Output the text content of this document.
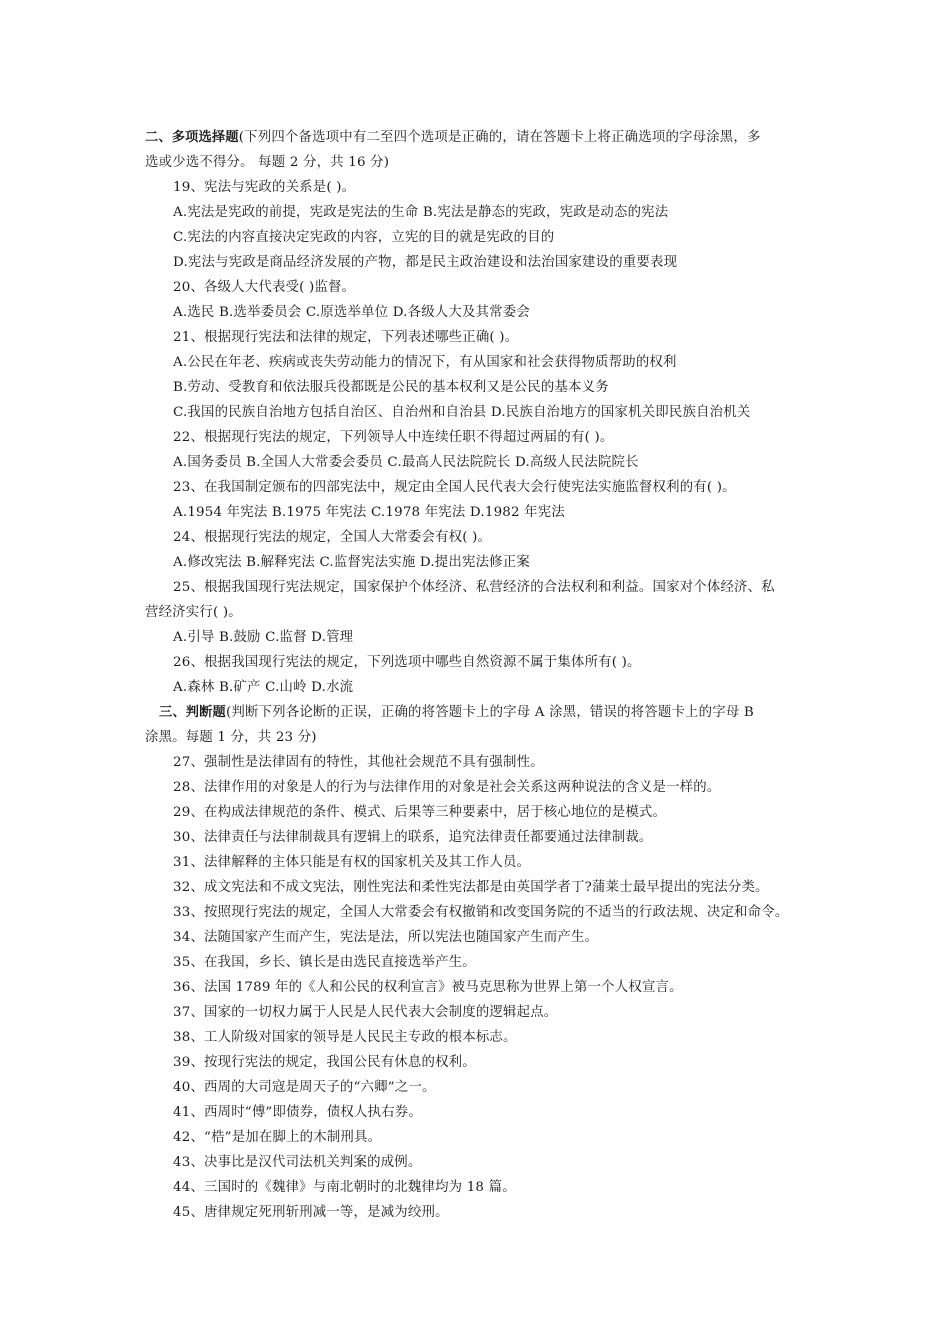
二、多项选择题(下列四个备选项中有二至四个选项是正确的，请在答题卡上将正确选项的字母涂黑，多
选或少选不得分。 每题 2 分，共 16 分)
19、宪法与宪政的关系是( )。
A.宪法是宪政的前提，宪政是宪法的生命 B.宪法是静态的宪政，宪政是动态的宪法
C.宪法的内容直接决定宪政的内容，立宪的目的就是宪政的目的
D.宪法与宪政是商品经济发展的产物，都是民主政治建设和法治国家建设的重要表现
20、各级人大代表受( )监督。
A.选民 B.选举委员会 C.原选举单位 D.各级人大及其常委会
21、根据现行宪法和法律的规定，下列表述哪些正确( )。
A.公民在年老、疾病或丧失劳动能力的情况下，有从国家和社会获得物质帮助的权利
B.劳动、受教育和依法服兵役都既是公民的基本权利又是公民的基本义务
C.我国的民族自治地方包括自治区、自治州和自治县 D.民族自治地方的国家机关即民族自治机关
22、根据现行宪法的规定，下列领导人中连续任职不得超过两届的有( )。
A.国务委员 B.全国人大常委会委员 C.最高人民法院院长 D.高级人民法院院长
23、在我国制定颁布的四部宪法中，规定由全国人民代表大会行使宪法实施监督权利的有( )。
A.1954 年宪法 B.1975 年宪法 C.1978 年宪法 D.1982 年宪法
24、根据现行宪法的规定，全国人大常委会有权( )。
A.修改宪法 B.解释宪法 C.监督宪法实施 D.提出宪法修正案
25、根据我国现行宪法规定，国家保护个体经济、私营经济的合法权利和利益。国家对个体经济、私
营经济实行( )。
A.引导 B.鼓励 C.监督 D.管理
26、根据我国现行宪法的规定，下列选项中哪些自然资源不属于集体所有( )。
A.森林 B.矿产 C.山岭 D.水流
三、判断题(判断下列各论断的正误，正确的将答题卡上的字母 A 涂黑，错误的将答题卡上的字母 B
涂黑。每题 1 分，共 23 分)
27、强制性是法律固有的特性，其他社会规范不具有强制性。
28、法律作用的对象是人的行为与法律作用的对象是社会关系这两种说法的含义是一样的。
29、在构成法律规范的条件、模式、后果等三种要素中，居于核心地位的是模式。
30、法律责任与法律制裁具有逻辑上的联系，追究法律责任都要通过法律制裁。
31、法律解释的主体只能是有权的国家机关及其工作人员。
32、成文宪法和不成文宪法，刚性宪法和柔性宪法都是由英国学者丁?蒲莱士最早提出的宪法分类。
33、按照现行宪法的规定，全国人大常委会有权撤销和改变国务院的不适当的行政法规、决定和命令。
34、法随国家产生而产生，宪法是法，所以宪法也随国家产生而产生。
35、在我国，乡长、镇长是由选民直接选举产生。
36、法国 1789 年的《人和公民的权利宣言》被马克思称为世界上第一个人权宣言。
37、国家的一切权力属于人民是人民代表大会制度的逻辑起点。
38、工人阶级对国家的领导是人民民主专政的根本标志。
39、按现行宪法的规定，我国公民有休息的权利。
40、西周的大司寇是周天子的“六卿”之一。
41、西周时“傅”即债券，债权人执右券。
42、“梏”是加在脚上的木制刑具。
43、决事比是汉代司法机关判案的成例。
44、三国时的《魏律》与南北朝时的北魏律均为 18 篇。
45、唐律规定死刑斩刑减一等，是减为绞刑。
